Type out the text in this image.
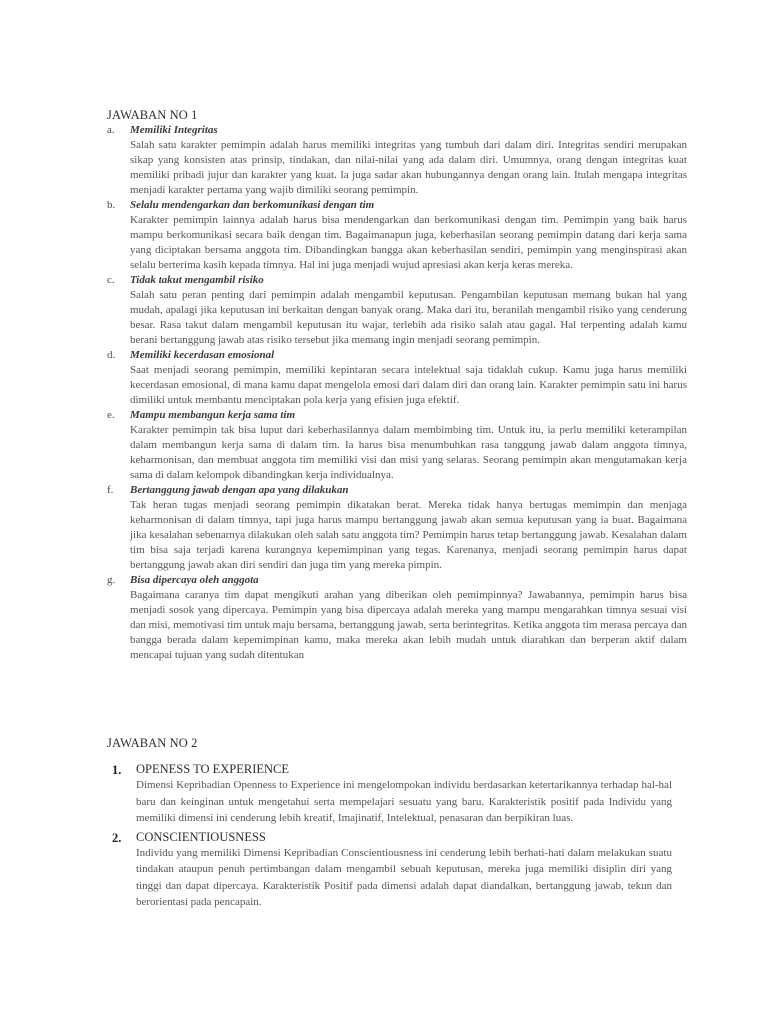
JAWABAN NO 1
a. Memiliki Integritas
Salah satu karakter pemimpin adalah harus memiliki integritas yang tumbuh dari dalam diri. Integritas sendiri merupakan sikap yang konsisten atas prinsip, tindakan, dan nilai-nilai yang ada dalam diri. Umumnya, orang dengan integritas kuat memiliki pribadi jujur dan karakter yang kuat. Ia juga sadar akan hubungannya dengan orang lain. Itulah mengapa integritas menjadi karakter pertama yang wajib dimiliki seorang pemimpin.
b. Selalu mendengarkan dan berkomunikasi dengan tim
Karakter pemimpin lainnya adalah harus bisa mendengarkan dan berkomunikasi dengan tim. Pemimpin yang baik harus mampu berkomunikasi secara baik dengan tim. Bagaimanapun juga, keberhasilan seorang pemimpin datang dari kerja sama yang diciptakan bersama anggota tim. Dibandingkan bangga akan keberhasilan sendiri, pemimpin yang menginspirasi akan selalu berterima kasih kepada timnya. Hal ini juga menjadi wujud apresiasi akan kerja keras mereka.
c. Tidak takut mengambil risiko
Salah satu peran penting dari pemimpin adalah mengambil keputusan. Pengambilan keputusan memang bukan hal yang mudah, apalagi jika keputusan ini berkaitan dengan banyak orang. Maka dari itu, beranilah mengambil risiko yang cenderung besar. Rasa takut dalam mengambil keputusan itu wajar, terlebih ada risiko salah atau gagal. Hal terpenting adalah kamu berani bertanggung jawab atas risiko tersebut jika memang ingin menjadi seorang pemimpin.
d. Memiliki kecerdasan emosional
Saat menjadi seorang pemimpin, memiliki kepintaran secara intelektual saja tidaklah cukup. Kamu juga harus memiliki kecerdasan emosional, di mana kamu dapat mengelola emosi dari dalam diri dan orang lain. Karakter pemimpin satu ini harus dimiliki untuk membantu menciptakan pola kerja yang efisien juga efektif.
e. Mampu membangun kerja sama tim
Karakter pemimpin tak bisa luput dari keberhasilannya dalam membimbing tim. Untuk itu, ia perlu memiliki keterampilan dalam membangun kerja sama di dalam tim. Ia harus bisa menumbuhkan rasa tanggung jawab dalam anggota timnya, keharmonisan, dan membuat anggota tim memiliki visi dan misi yang selaras. Seorang pemimpin akan mengutamakan kerja sama di dalam kelompok dibandingkan kerja individualnya.
f. Bertanggung jawab dengan apa yang dilakukan
Tak heran tugas menjadi seorang pemimpin dikatakan berat. Mereka tidak hanya bertugas memimpin dan menjaga keharmonisan di dalam timnya, tapi juga harus mampu bertanggung jawab akan semua keputusan yang ia buat. Bagaimana jika kesalahan sebenarnya dilakukan oleh salah satu anggota tim? Pemimpin harus tetap bertanggung jawab. Kesalahan dalam tim bisa saja terjadi karena kurangnya kepemimpinan yang tegas. Karenanya, menjadi seorang pemimpin harus dapat bertanggung jawab akan diri sendiri dan juga tim yang mereka pimpin.
g. Bisa dipercaya oleh anggota
Bagaimana caranya tim dapat mengikuti arahan yang diberikan oleh pemimpinnya? Jawabannya, pemimpin harus bisa menjadi sosok yang dipercaya. Pemimpin yang bisa dipercaya adalah mereka yang mampu mengarahkan timnya sesuai visi dan misi, memotivasi tim untuk maju bersama, bertanggung jawab, serta berintegritas. Ketika anggota tim merasa percaya dan bangga berada dalam kepemimpinan kamu, maka mereka akan lebih mudah untuk diarahkan dan berperan aktif dalam mencapai tujuan yang sudah ditentukan
JAWABAN NO 2
1. OPENESS TO EXPERIENCE
Dimensi Kepribadian Openness to Experience ini mengelompokan individu berdasarkan ketertarikannya terhadap hal-hal baru dan keinginan untuk mengetahui serta mempelajari sesuatu yang baru. Karakteristik positif pada Individu yang memiliki dimensi ini cenderung lebih kreatif, Imajinatif, Intelektual, penasaran dan berpikiran luas.
2. CONSCIENTIOUSNESS
Individu yang memiliki Dimensi Kepribadian Conscientiousness ini cenderung lebih berhati-hati dalam melakukan suatu tindakan ataupun penuh pertimbangan dalam mengambil sebuah keputusan, mereka juga memiliki disiplin diri yang tinggi dan dapat dipercaya. Karakteristik Positif pada dimensi adalah dapat diandalkan, bertanggung jawab, tekun dan berorientasi pada pencapain.
